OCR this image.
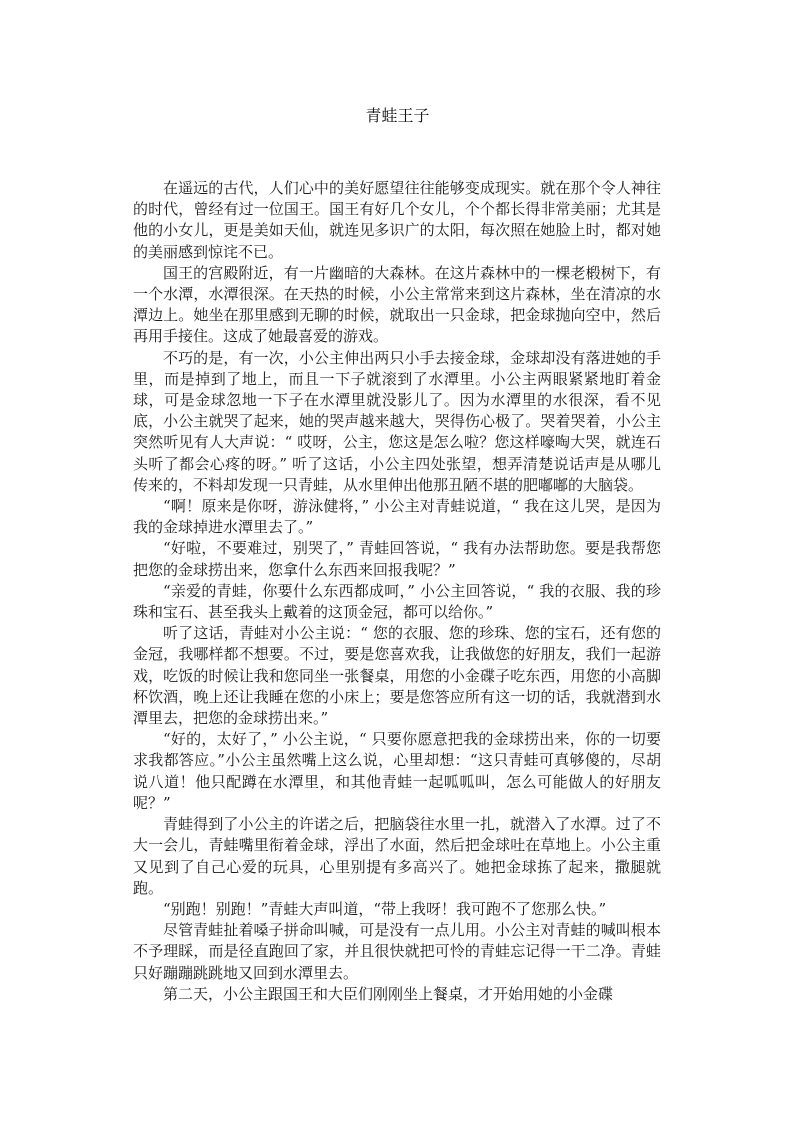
青蛙王子

在遥远的古代，人们心中的美好愿望往往能够变成现实。就在那个令人神往的时代，曾经有过一位国王。国王有好几个女儿，个个都长得非常美丽；尤其是他的小女儿，更是美如天仙，就连见多识广的太阳，每次照在她脸上时，都对她的美丽感到惊诧不已。

国王的宫殿附近，有一片幽暗的大森林。在这片森林中的一棵老椴树下，有一个水潭，水潭很深。在天热的时候，小公主常常来到这片森林，坐在清凉的水潭边上。她坐在那里感到无聊的时候，就取出一只金球，把金球抛向空中，然后再用手接住。这成了她最喜爱的游戏。

不巧的是，有一次，小公主伸出两只小手去接金球，金球却没有落进她的手里，而是掉到了地上，而且一下子就滚到了水潭里。小公主两眼紧紧地盯着金球，可是金球忽地一下子在水潭里就没影儿了。因为水潭里的水很深，看不见底，小公主就哭了起来，她的哭声越来越大，哭得伤心极了。哭着哭着，小公主突然听见有人大声说：“ 哎呀，公主，您这是怎么啦？您这样嚎啕大哭，就连石头听了都会心疼的呀。” 听了这话，小公主四处张望，想弄清楚说话声是从哪儿传来的，不料却发现一只青蛙，从水里伸出他那丑陋不堪的肥嘟嘟的大脑袋。

“啊！原来是你呀，游泳健将，” 小公主对青蛙说道，“ 我在这儿哭，是因为我的金球掉进水潭里去了。”

“好啦，不要难过，别哭了，” 青蛙回答说，“ 我有办法帮助您。要是我帮您把您的金球捞出来，您拿什么东西来回报我呢？”

“亲爱的青蛙，你要什么东西都成呵，” 小公主回答说，“ 我的衣服、我的珍珠和宝石、甚至我头上戴着的这顶金冠，都可以给你。”

听了这话，青蛙对小公主说：“ 您的衣服、您的珍珠、您的宝石，还有您的金冠，我哪样都不想要。不过，要是您喜欢我，让我做您的好朋友，我们一起游戏，吃饭的时候让我和您同坐一张餐桌，用您的小金碟子吃东西，用您的小高脚杯饮酒，晚上还让我睡在您的小床上；要是您答应所有这一切的话，我就潜到水潭里去，把您的金球捞出来。”

“好的，太好了，” 小公主说，“ 只要你愿意把我的金球捞出来，你的一切要求我都答应。”小公主虽然嘴上这么说，心里却想：“这只青蛙可真够傻的，尽胡说八道！他只配蹲在水潭里，和其他青蛙一起呱呱叫，怎么可能做人的好朋友呢？”

青蛙得到了小公主的许诺之后，把脑袋往水里一扎，就潜入了水潭。过了不大一会儿，青蛙嘴里衔着金球，浮出了水面，然后把金球吐在草地上。小公主重又见到了自己心爱的玩具，心里别提有多高兴了。她把金球拣了起来，撒腿就跑。

“别跑！别跑！”青蛙大声叫道，“带上我呀！我可跑不了您那么快。”

尽管青蛙扯着嗓子拼命叫喊，可是没有一点儿用。小公主对青蛙的喊叫根本不予理睬，而是径直跑回了家，并且很快就把可怜的青蛙忘记得一干二净。青蛙只好蹦蹦跳跳地又回到水潭里去。

第二天，小公主跟国王和大臣们刚刚坐上餐桌，才开始用她的小金碟
